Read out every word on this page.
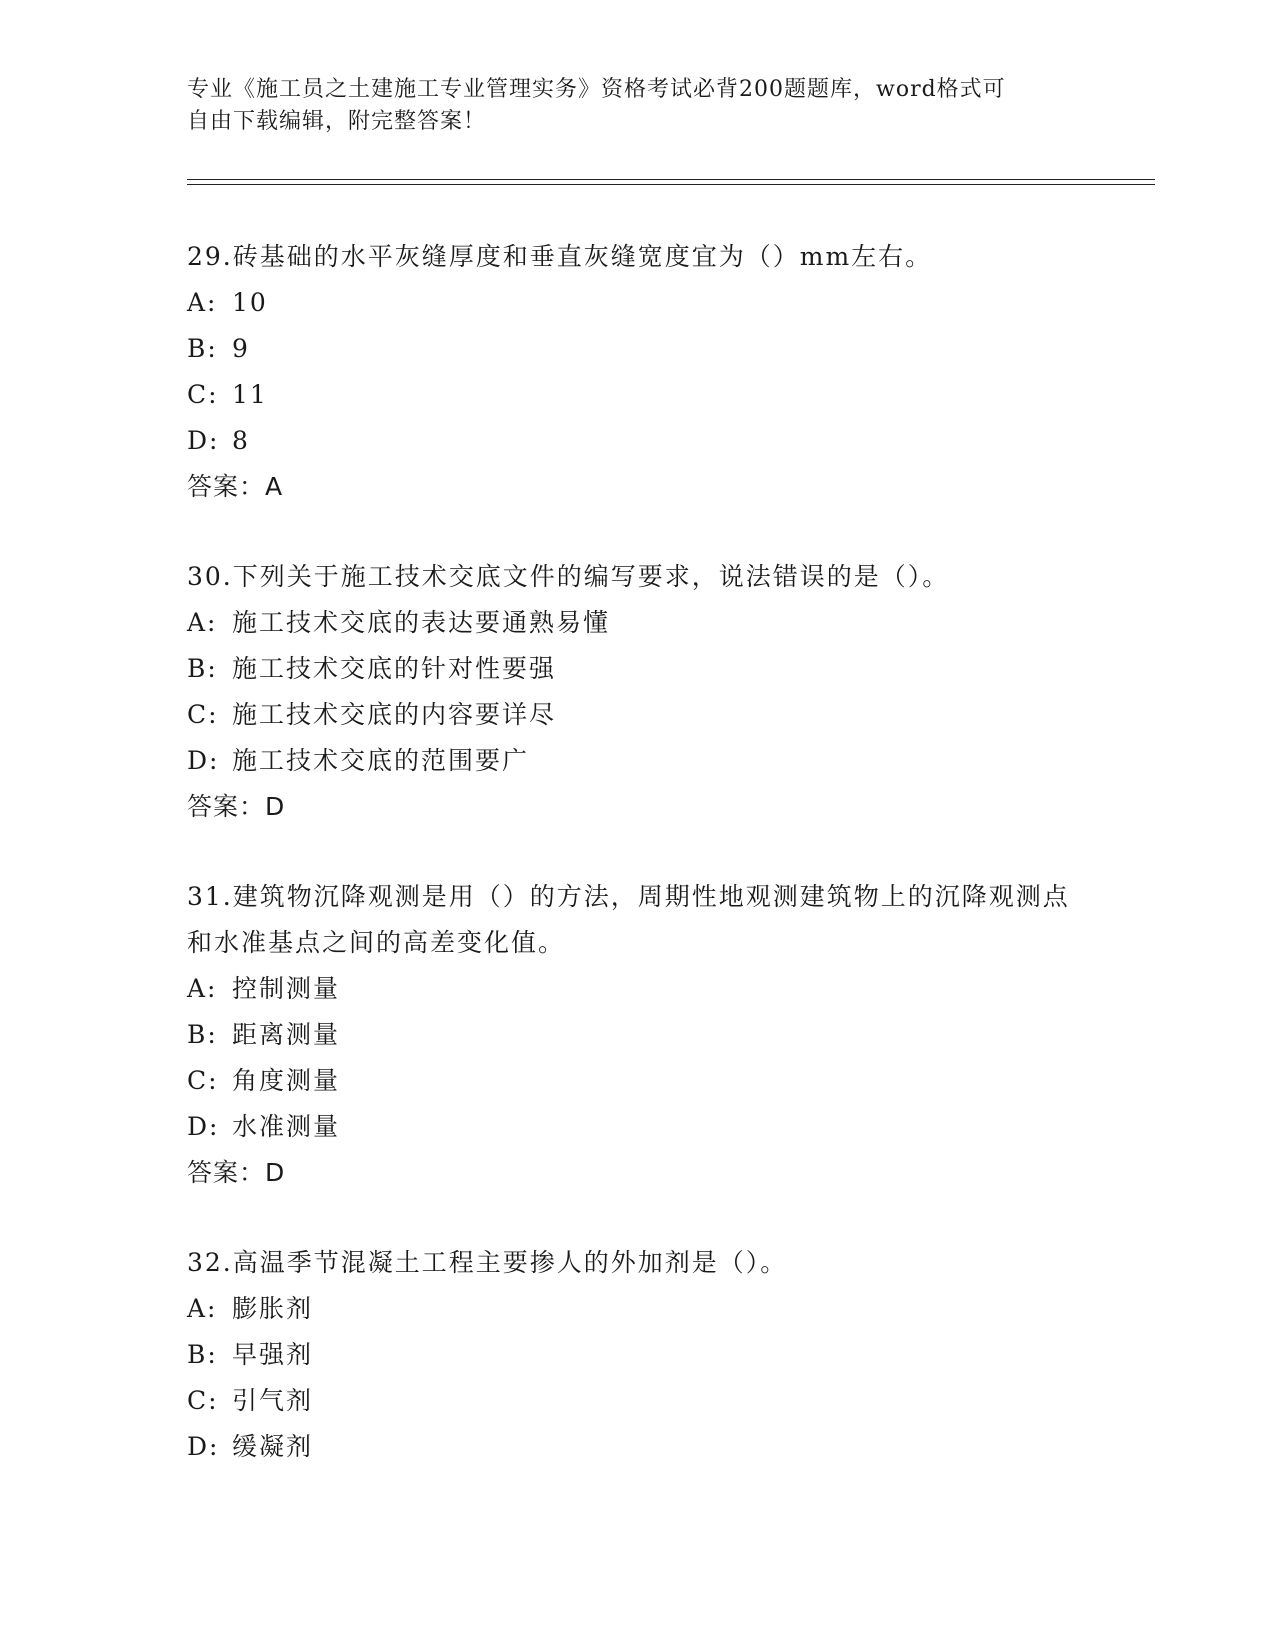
专业《施工员之土建施工专业管理实务》资格考试必背200题题库，word格式可
自由下载编辑，附完整答案！

29.砖基础的水平灰缝厚度和垂直灰缝宽度宜为（）mm左右。

A: 10
B: 9
C: 11
D: 8
答案：A

30.下列关于施工技术交底文件的编写要求，说法错误的是（）。

A: 施工技术交底的表达要通熟易懂
B: 施工技术交底的针对性要强
C: 施工技术交底的内容要详尽
D: 施工技术交底的范围要广
答案：D

31.建筑物沉降观测是用（）的方法，周期性地观测建筑物上的沉降观测点和水准基点之间的高差变化值。

A: 控制测量
B: 距离测量
C: 角度测量
D: 水准测量
答案：D

32.高温季节混凝土工程主要掺人的外加剂是（）。

A: 膨胀剂
B: 早强剂
C: 引气剂
D: 缓凝剂
